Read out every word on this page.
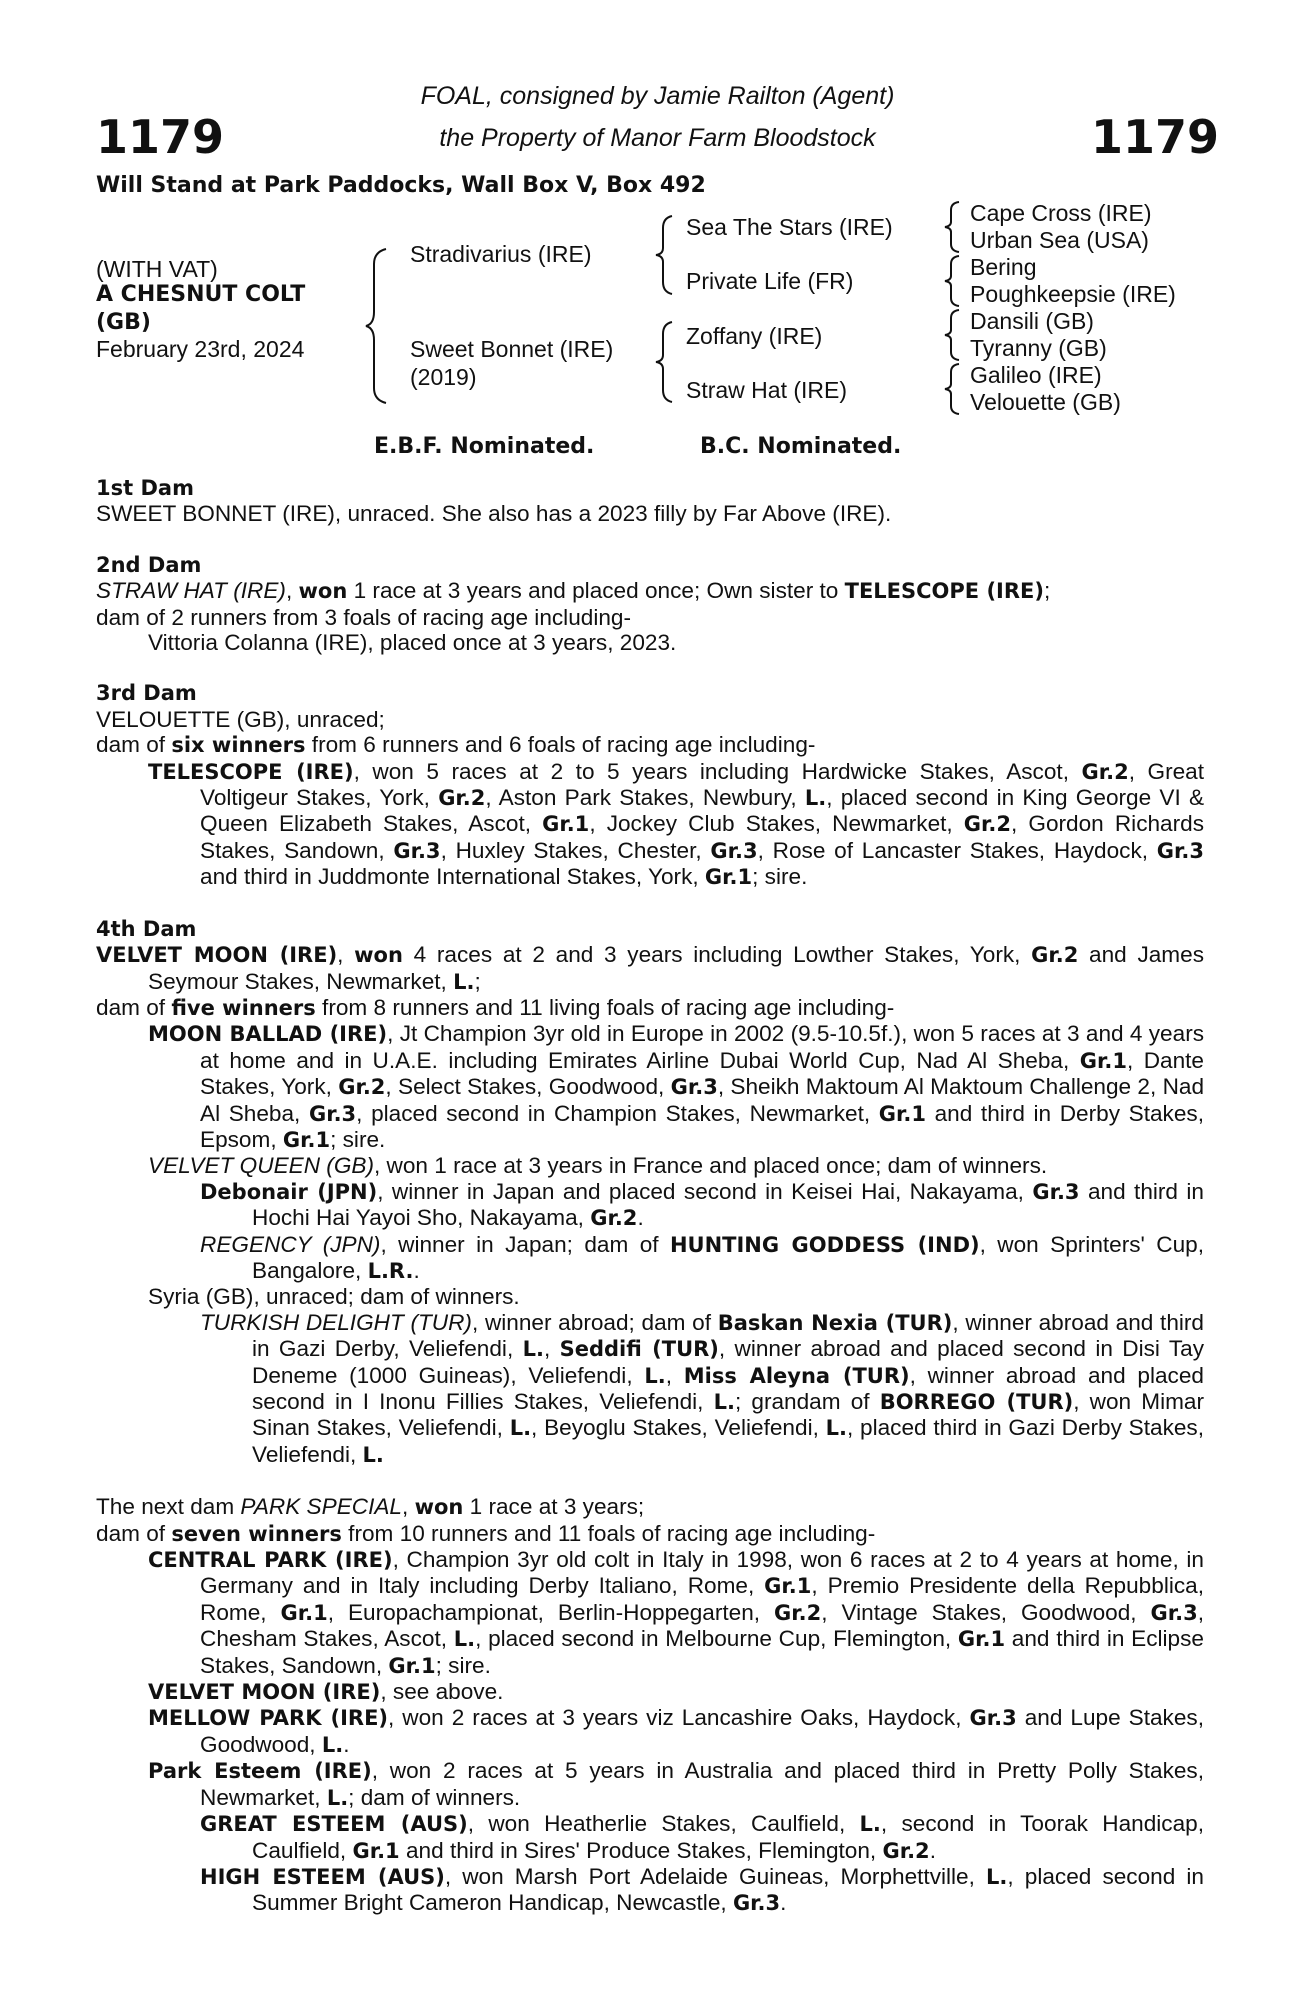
1179	1179
FOAL, consigned by Jamie Railton (Agent)
the Property of Manor Farm Bloodstock
Will Stand at Park Paddocks, Wall Box V, Box 492
(WITH VAT)
A CHESNUT COLT
(GB)
February 23rd, 2024
Stradivarius (IRE)
Sweet Bonnet (IRE)
(2019)
Sea The Stars (IRE)
Private Life (FR)
Zoffany (IRE)
Straw Hat (IRE)
Cape Cross (IRE)
Urban Sea (USA)
Bering
Poughkeepsie (IRE)
Dansili (GB)
Tyranny (GB)
Galileo (IRE)
Velouette (GB)
E.B.F. Nominated.	B.C. Nominated.
1st Dam
SWEET BONNET (IRE), unraced. She also has a 2023 filly by Far Above (IRE).
2nd Dam
STRAW HAT (IRE), won 1 race at 3 years and placed once; Own sister to TELESCOPE (IRE);
dam of 2 runners from 3 foals of racing age including-
Vittoria Colanna (IRE), placed once at 3 years, 2023.
3rd Dam
VELOUETTE (GB), unraced;
dam of six winners from 6 runners and 6 foals of racing age including-
TELESCOPE (IRE), won 5 races at 2 to 5 years including Hardwicke Stakes, Ascot, Gr.2, Great Voltigeur Stakes, York, Gr.2, Aston Park Stakes, Newbury, L., placed second in King George VI & Queen Elizabeth Stakes, Ascot, Gr.1, Jockey Club Stakes, Newmarket, Gr.2, Gordon Richards Stakes, Sandown, Gr.3, Huxley Stakes, Chester, Gr.3, Rose of Lancaster Stakes, Haydock, Gr.3 and third in Juddmonte International Stakes, York, Gr.1; sire.
4th Dam
VELVET MOON (IRE), won 4 races at 2 and 3 years including Lowther Stakes, York, Gr.2 and James Seymour Stakes, Newmarket, L.;
dam of five winners from 8 runners and 11 living foals of racing age including-
MOON BALLAD (IRE), Jt Champion 3yr old in Europe in 2002 (9.5-10.5f.), won 5 races at 3 and 4 years at home and in U.A.E. including Emirates Airline Dubai World Cup, Nad Al Sheba, Gr.1, Dante Stakes, York, Gr.2, Select Stakes, Goodwood, Gr.3, Sheikh Maktoum Al Maktoum Challenge 2, Nad Al Sheba, Gr.3, placed second in Champion Stakes, Newmarket, Gr.1 and third in Derby Stakes, Epsom, Gr.1; sire.
VELVET QUEEN (GB), won 1 race at 3 years in France and placed once; dam of winners.
Debonair (JPN), winner in Japan and placed second in Keisei Hai, Nakayama, Gr.3 and third in Hochi Hai Yayoi Sho, Nakayama, Gr.2.
REGENCY (JPN), winner in Japan; dam of HUNTING GODDESS (IND), won Sprinters' Cup, Bangalore, L.R..
Syria (GB), unraced; dam of winners.
TURKISH DELIGHT (TUR), winner abroad; dam of Baskan Nexia (TUR), winner abroad and third in Gazi Derby, Veliefendi, L., Seddifi (TUR), winner abroad and placed second in Disi Tay Deneme (1000 Guineas), Veliefendi, L., Miss Aleyna (TUR), winner abroad and placed second in I Inonu Fillies Stakes, Veliefendi, L.; grandam of BORREGO (TUR), won Mimar Sinan Stakes, Veliefendi, L., Beyoglu Stakes, Veliefendi, L., placed third in Gazi Derby Stakes, Veliefendi, L.
The next dam PARK SPECIAL, won 1 race at 3 years;
dam of seven winners from 10 runners and 11 foals of racing age including-
CENTRAL PARK (IRE), Champion 3yr old colt in Italy in 1998, won 6 races at 2 to 4 years at home, in Germany and in Italy including Derby Italiano, Rome, Gr.1, Premio Presidente della Repubblica, Rome, Gr.1, Europachampionat, Berlin-Hoppegarten, Gr.2, Vintage Stakes, Goodwood, Gr.3, Chesham Stakes, Ascot, L., placed second in Melbourne Cup, Flemington, Gr.1 and third in Eclipse Stakes, Sandown, Gr.1; sire.
VELVET MOON (IRE), see above.
MELLOW PARK (IRE), won 2 races at 3 years viz Lancashire Oaks, Haydock, Gr.3 and Lupe Stakes, Goodwood, L..
Park Esteem (IRE), won 2 races at 5 years in Australia and placed third in Pretty Polly Stakes, Newmarket, L.; dam of winners.
GREAT ESTEEM (AUS), won Heatherlie Stakes, Caulfield, L., second in Toorak Handicap, Caulfield, Gr.1 and third in Sires' Produce Stakes, Flemington, Gr.2.
HIGH ESTEEM (AUS), won Marsh Port Adelaide Guineas, Morphettville, L., placed second in Summer Bright Cameron Handicap, Newcastle, Gr.3.
